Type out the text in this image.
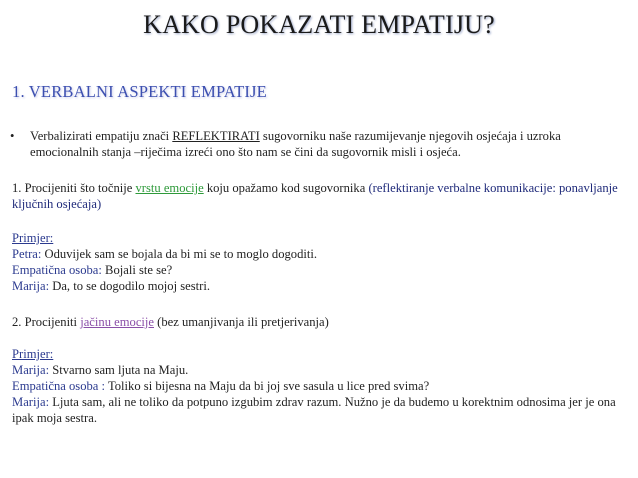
KAKO POKAZATI EMPATIJU?
1. VERBALNI ASPEKTI EMPATIJE
• Verbalizirati empatiju znači REFLEKTIRATI sugovorniku naše razumijevanje njegovih osjećaja i uzroka emocionalnih stanja –riječima izreći ono što nam se čini da sugovornik misli i osjeća.
1. Procijeniti što točnije vrstu emocije koju opažamo kod sugovornika (reflektiranje verbalne komunikacije: ponavljanje ključnih osjećaja)
Primjer:
Petra: Oduvijek sam se bojala da bi mi se to moglo dogoditi.
Empatična osoba: Bojali ste se?
Marija: Da, to se dogodilo mojoj sestri.
2. Procijeniti jačinu emocije (bez umanjivanja ili pretjerivanja)
Primjer:
Marija: Stvarno sam ljuta na Maju.
Empatična osoba : Toliko si bijesna na Maju da bi joj sve sasula u lice pred svima?
Marija: Ljuta sam, ali ne toliko da potpuno izgubim zdrav razum. Nužno je da budemo u korektnim odnosima jer je ona ipak moja sestra.
